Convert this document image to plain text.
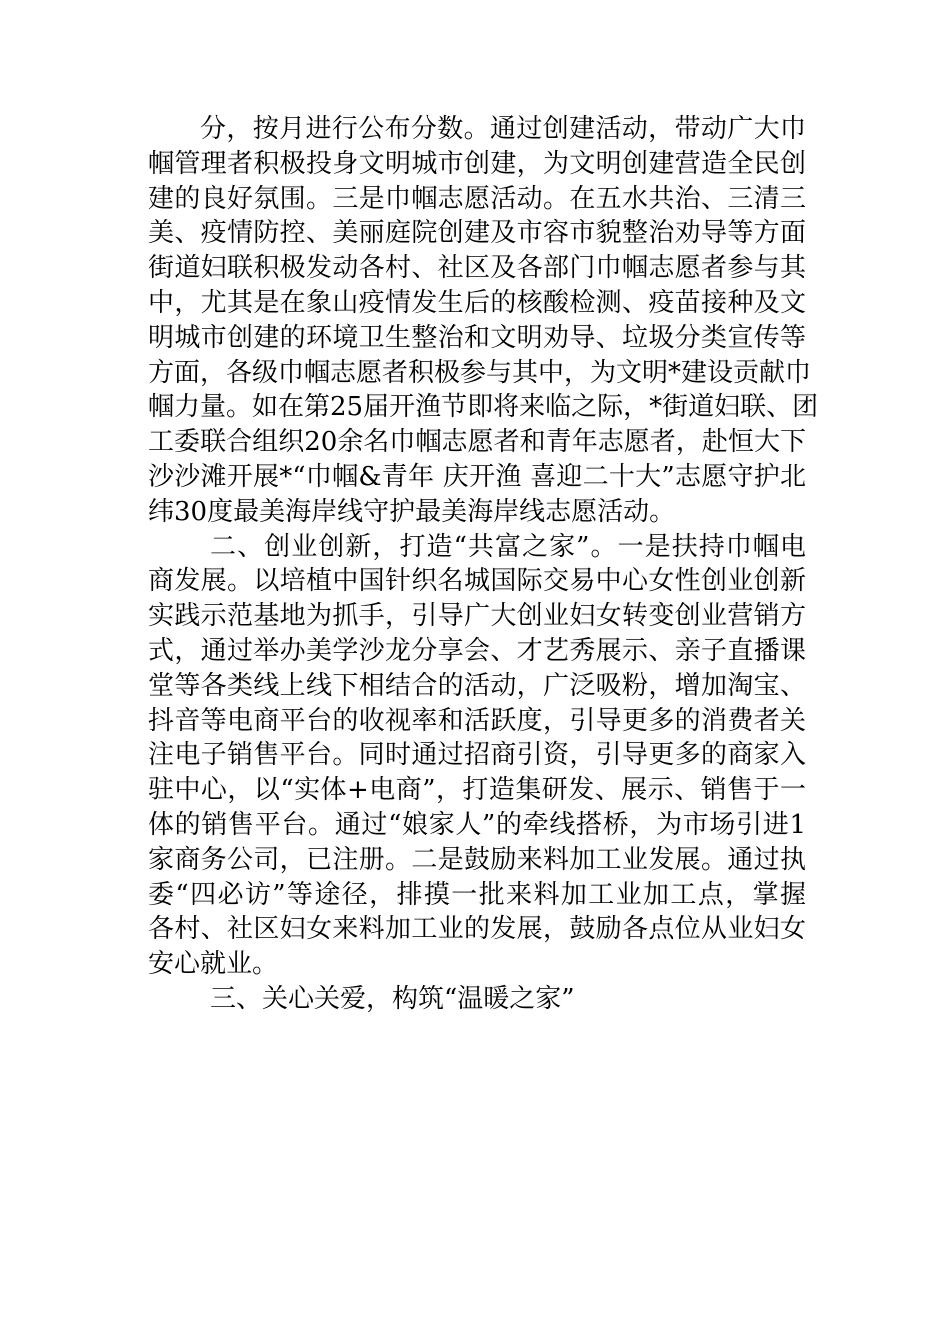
分，按月进行公布分数。通过创建活动，带动广大巾
帼管理者积极投身文明城市创建，为文明创建营造全民创
建的良好氛围。三是巾帼志愿活动。在五水共治、三清三
美、疫情防控、美丽庭院创建及市容市貌整治劝导等方面
街道妇联积极发动各村、社区及各部门巾帼志愿者参与其
中，尤其是在象山疫情发生后的核酸检测、疫苗接种及文
明城市创建的环境卫生整治和文明劝导、垃圾分类宣传等
方面，各级巾帼志愿者积极参与其中，为文明*建设贡献巾
帼力量。如在第25届开渔节即将来临之际，*街道妇联、团
工委联合组织20余名巾帼志愿者和青年志愿者，赴恒大下
沙沙滩开展*“巾帼&青年 庆开渔 喜迎二十大”志愿守护北
纬30度最美海岸线守护最美海岸线志愿活动。
二、创业创新，打造“共富之家”。一是扶持巾帼电
商发展。以培植中国针织名城国际交易中心女性创业创新
实践示范基地为抓手，引导广大创业妇女转变创业营销方
式，通过举办美学沙龙分享会、才艺秀展示、亲子直播课
堂等各类线上线下相结合的活动，广泛吸粉，增加淘宝、
抖音等电商平台的收视率和活跃度，引导更多的消费者关
注电子销售平台。同时通过招商引资，引导更多的商家入
驻中心，以“实体+电商”，打造集研发、展示、销售于一
体的销售平台。通过“娘家人”的牵线搭桥，为市场引进1
家商务公司，已注册。二是鼓励来料加工业发展。通过执
委“四必访”等途径，排摸一批来料加工业加工点，掌握
各村、社区妇女来料加工业的发展，鼓励各点位从业妇女
安心就业。
三、关心关爱，构筑“温暖之家”
